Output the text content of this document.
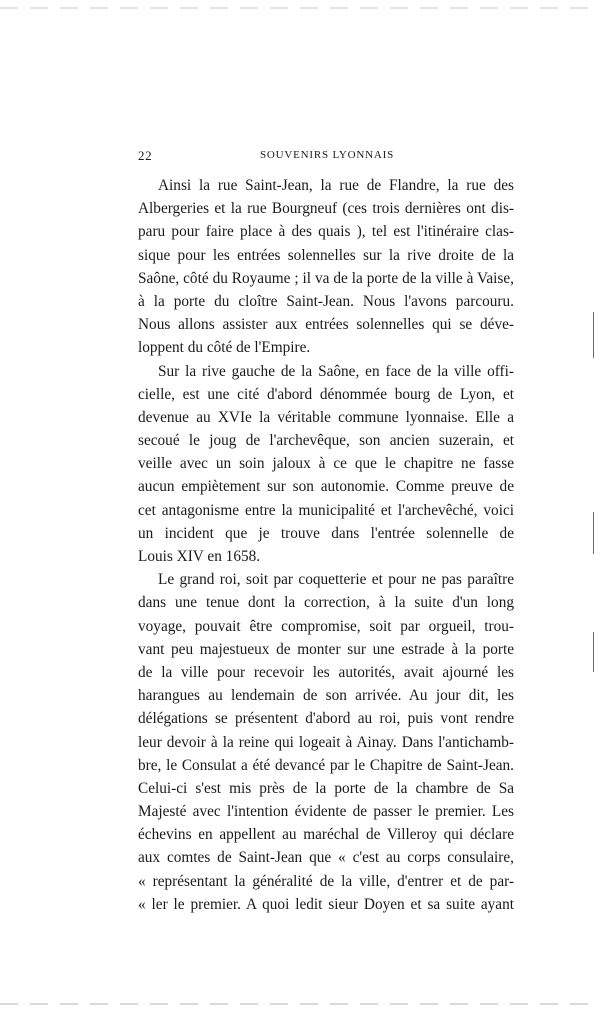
22	SOUVENIRS LYONNAIS
Ainsi la rue Saint-Jean, la rue de Flandre, la rue des
Albergeries et la rue Bourgneuf (ces trois dernières ont dis-
paru pour faire place à des quais ), tel est l'itinéraire clas-
sique pour les entrées solennelles sur la rive droite de la
Saône, côté du Royaume ; il va de la porte de la ville à Vaise,
à la porte du cloître Saint-Jean. Nous l'avons parcouru.
Nous allons assister aux entrées solennelles qui se déve-
loppent du côté de l'Empire.
Sur la rive gauche de la Saône, en face de la ville offi-
cielle, est une cité d'abord dénommée bourg de Lyon, et
devenue au XVIe la véritable commune lyonnaise. Elle a
secoué le joug de l'archevêque, son ancien suzerain, et
veille avec un soin jaloux à ce que le chapitre ne fasse
aucun empiètement sur son autonomie. Comme preuve de
cet antagonisme entre la municipalité et l'archevêché, voici
un incident que je trouve dans l'entrée solennelle de
Louis XIV en 1658.
Le grand roi, soit par coquetterie et pour ne pas paraître
dans une tenue dont la correction, à la suite d'un long
voyage, pouvait être compromise, soit par orgueil, trou-
vant peu majestueux de monter sur une estrade à la porte
de la ville pour recevoir les autorités, avait ajourné les
harangues au lendemain de son arrivée. Au jour dit, les
délégations se présentent d'abord au roi, puis vont rendre
leur devoir à la reine qui logeait à Ainay. Dans l'antichamb-
bre, le Consulat a été devancé par le Chapitre de Saint-Jean.
Celui-ci s'est mis près de la porte de la chambre de Sa
Majesté avec l'intention évidente de passer le premier. Les
échevins en appellent au maréchal de Villeroy qui déclare
aux comtes de Saint-Jean que « c'est au corps consulaire,
« représentant la généralité de la ville, d'entrer et de par-
« ler le premier. A quoi ledit sieur Doyen et sa suite ayant
